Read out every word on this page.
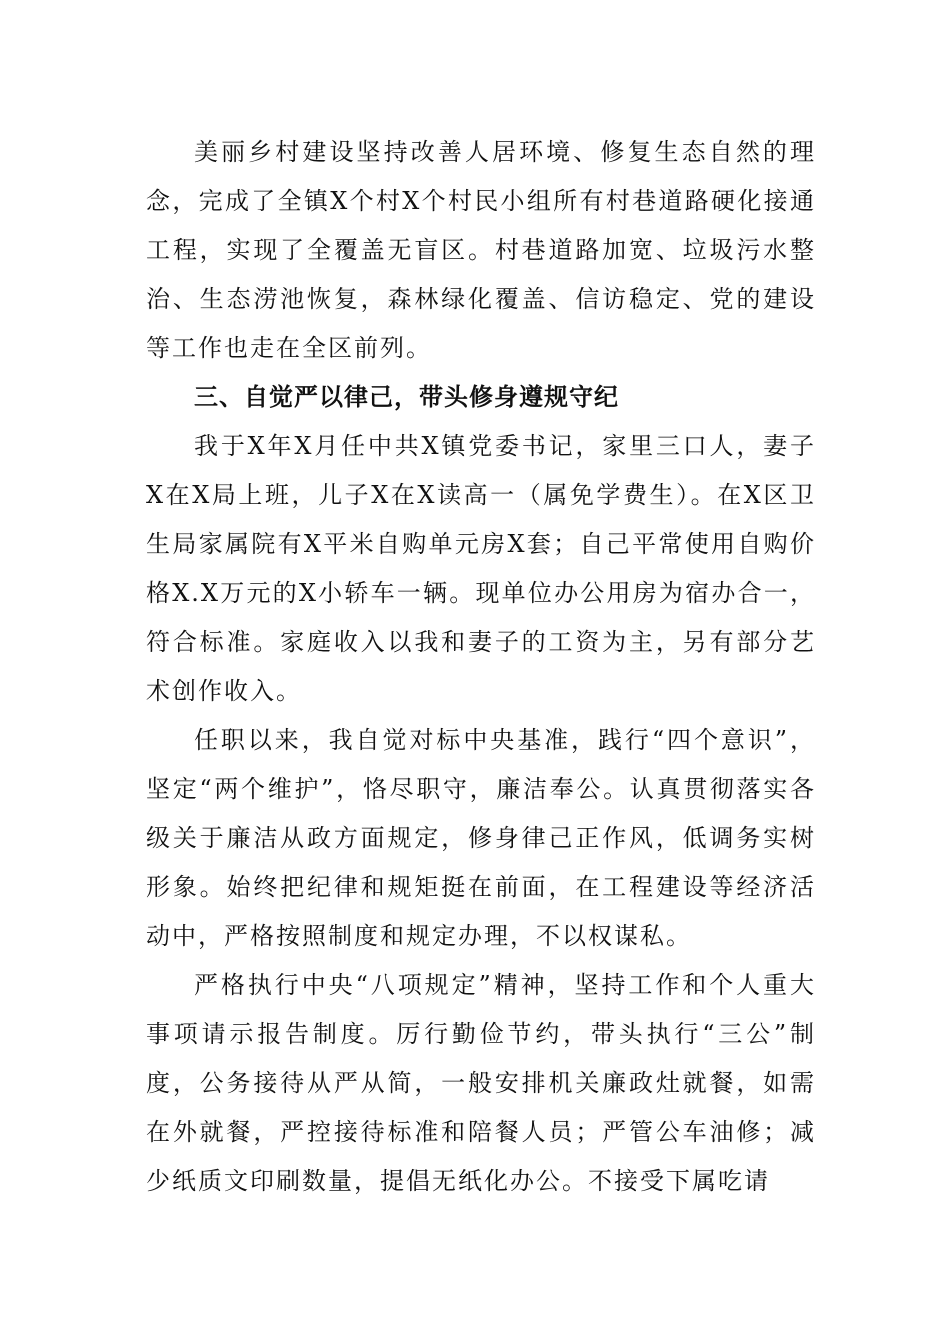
美丽乡村建设坚持改善人居环境、修复生态自然的理念，完成了全镇X个村X个村民小组所有村巷道路硬化接通工程，实现了全覆盖无盲区。村巷道路加宽、垃圾污水整治、生态涝池恢复，森林绿化覆盖、信访稳定、党的建设等工作也走在全区前列。

三、自觉严以律己，带头修身遵规守纪

我于X年X月任中共X镇党委书记，家里三口人，妻子X在X局上班，儿子X在X读高一（属免学费生）。在X区卫生局家属院有X平米自购单元房X套；自己平常使用自购价格X.X万元的X小轿车一辆。现单位办公用房为宿办合一，符合标准。家庭收入以我和妻子的工资为主，另有部分艺术创作收入。

任职以来，我自觉对标中央基准，践行“四个意识”，坚定“两个维护”，恪尽职守，廉洁奉公。认真贯彻落实各级关于廉洁从政方面规定，修身律己正作风，低调务实树形象。始终把纪律和规矩挺在前面，在工程建设等经济活动中，严格按照制度和规定办理，不以权谋私。

严格执行中央“八项规定”精神，坚持工作和个人重大事项请示报告制度。厉行勤俭节约，带头执行“三公”制度，公务接待从严从简，一般安排机关廉政灶就餐，如需在外就餐，严控接待标准和陪餐人员；严管公车油修；减少纸质文印刷数量，提倡无纸化办公。不接受下属吃请
